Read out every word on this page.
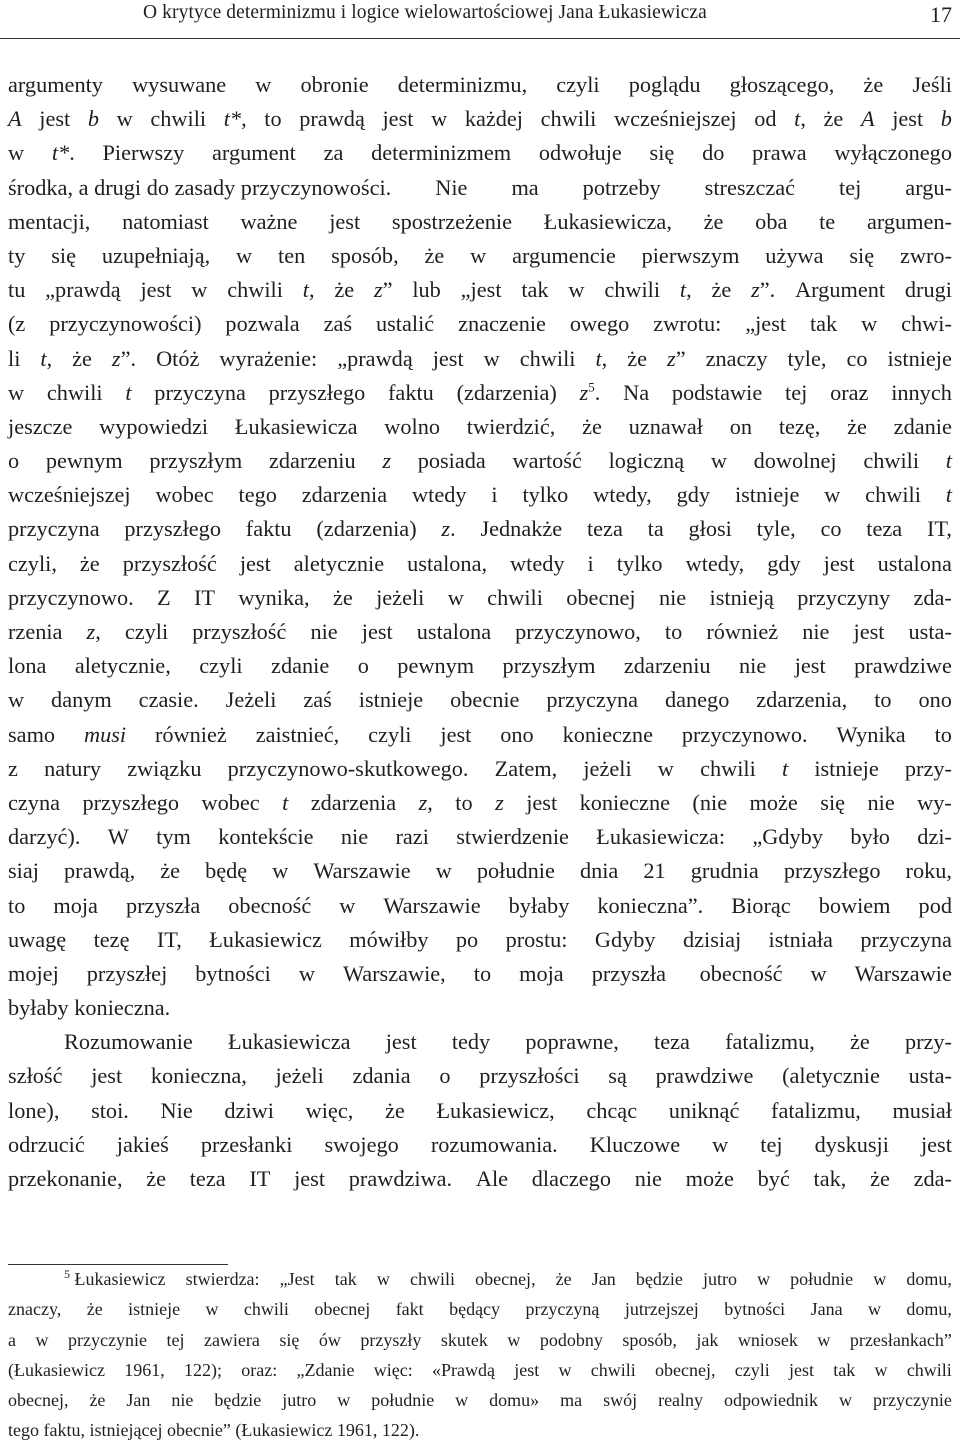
O krytyce determinizmu i logice wielowartościowej Jana Łukasiewicza	17
argumenty wysuwane w obronie determinizmu, czyli poglądu głoszącego, że Jeśli
A jest b w chwili t*, to prawdą jest w każdej chwili wcześniejszej od t, że A jest b
w t*. Pierwszy argument za determinizmem odwołuje się do prawa wyłączonego
środka, a drugi do zasady przyczynowości. Nie ma potrzeby streszczać tej argu-
mentacji, natomiast ważne jest spostrzeżenie Łukasiewicza, że oba te argumen-
ty się uzupełniają, w ten sposób, że w argumencie pierwszym używa się zwro-
tu „prawdą jest w chwili t, że z” lub „jest tak w chwili t, że z”. Argument drugi
(z przyczynowości) pozwala zaś ustalić znaczenie owego zwrotu: „jest tak w chwi-
li t, że z”. Otóż wyrażenie: „prawdą jest w chwili t, że z” znaczy tyle, co istnieje
w chwili t przyczyna przyszłego faktu (zdarzenia) $z^5$. Na podstawie tej oraz innych
jeszcze wypowiedzi Łukasiewicza wolno twierdzić, że uznawał on tezę, że zdanie
o pewnym przyszłym zdarzeniu z posiada wartość logiczną w dowolnej chwili t
wcześniejszej wobec tego zdarzenia wtedy i tylko wtedy, gdy istnieje w chwili t
przyczyna przyszłego faktu (zdarzenia) z. Jednakże teza ta głosi tyle, co teza IT,
czyli, że przyszłość jest aletycznie ustalona, wtedy i tylko wtedy, gdy jest ustalona
przyczynowo. Z IT wynika, że jeżeli w chwili obecnej nie istnieją przyczyny zda-
rzenia z, czyli przyszłość nie jest ustalona przyczynowo, to również nie jest usta-
lona aletycznie, czyli zdanie o pewnym przyszłym zdarzeniu nie jest prawdziwe
w danym czasie. Jeżeli zaś istnieje obecnie przyczyna danego zdarzenia, to ono
samo musi również zaistnieć, czyli jest ono konieczne przyczynowo. Wynika to
z natury związku przyczynowo-skutkowego. Zatem, jeżeli w chwili t istnieje przy-
czyna przyszłego wobec t zdarzenia z, to z jest konieczne (nie może się nie wy-
darzyć). W tym kontekście nie razi stwierdzenie Łukasiewicza: „Gdyby było dzi-
siaj prawdą, że będę w Warszawie w południe dnia 21 grudnia przyszłego roku,
to moja przyszła obecność w Warszawie byłaby konieczna”. Biorąc bowiem pod
uwagę tezę IT, Łukasiewicz mówiłby po prostu: Gdyby dzisiaj istniała przyczyna
mojej przyszłej bytności w Warszawie, to moja przyszła obecność w Warszawie
byłaby konieczna.
Rozumowanie Łukasiewicza jest tedy poprawne, teza fatalizmu, że przy-
szłość jest konieczna, jeżeli zdania o przyszłości są prawdziwe (aletycznie usta-
lone), stoi. Nie dziwi więc, że Łukasiewicz, chcąc uniknąć fatalizmu, musiał
odrzucić jakieś przesłanki swojego rozumowania. Kluczowe w tej dyskusji jest
przekonanie, że teza IT jest prawdziwa. Ale dlaczego nie może być tak, że zda-
$^5$ Łukasiewicz stwierdza: „Jest tak w chwili obecnej, że Jan będzie jutro w południe w domu,
znaczy, że istnieje w chwili obecnej fakt będący przyczyną jutrzejszej bytności Jana w domu,
a w przyczynie tej zawiera się ów przyszły skutek w podobny sposób, jak wniosek w przesłankach”
(Łukasiewicz 1961, 122); oraz: „Zdanie więc: «Prawdą jest w chwili obecnej, czyli jest tak w chwili
obecnej, że Jan nie będzie jutro w południe w domu» ma swój realny odpowiednik w przyczynie
tego faktu, istniejącej obecnie” (Łukasiewicz 1961, 122).
